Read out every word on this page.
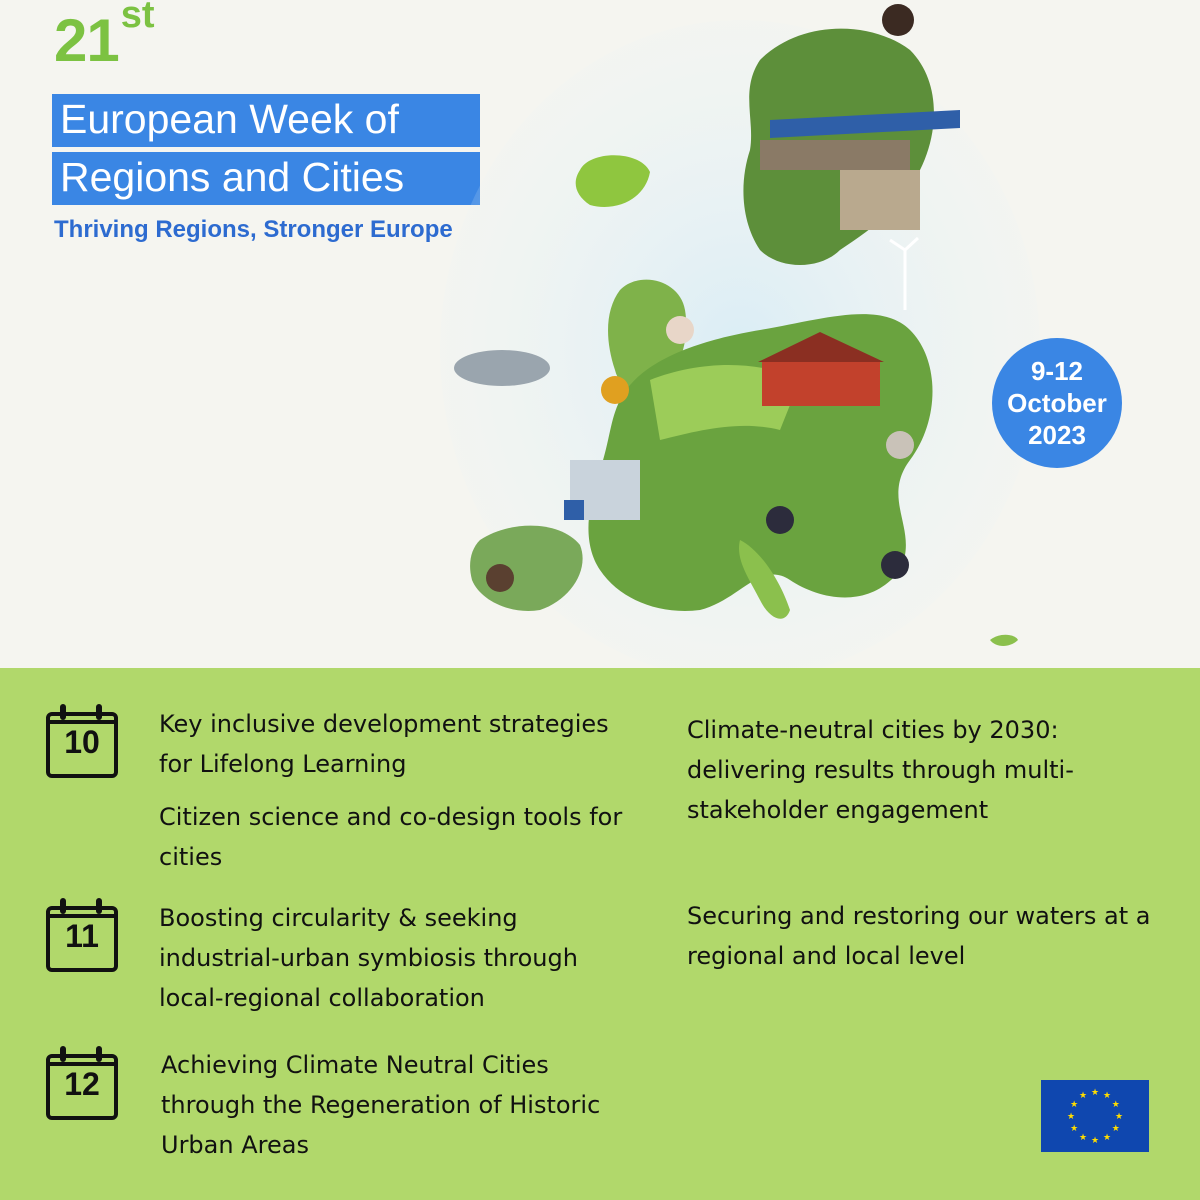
21st
European Week of
Regions and Cities
Thriving Regions, Stronger Europe
9-12
October
2023
10	Key inclusive development strategies for Lifelong Learning
Citizen science and co-design tools for cities
Climate-neutral cities by 2030: delivering results through multi-stakeholder engagement
11	Boosting circularity & seeking industrial-urban symbiosis through local-regional collaboration
Securing and restoring our waters at a regional and local level
12
Achieving Climate Neutral Cities through the Regeneration of Historic Urban Areas
★ ★
★
★
★
★
★
★
★
★
★
★
